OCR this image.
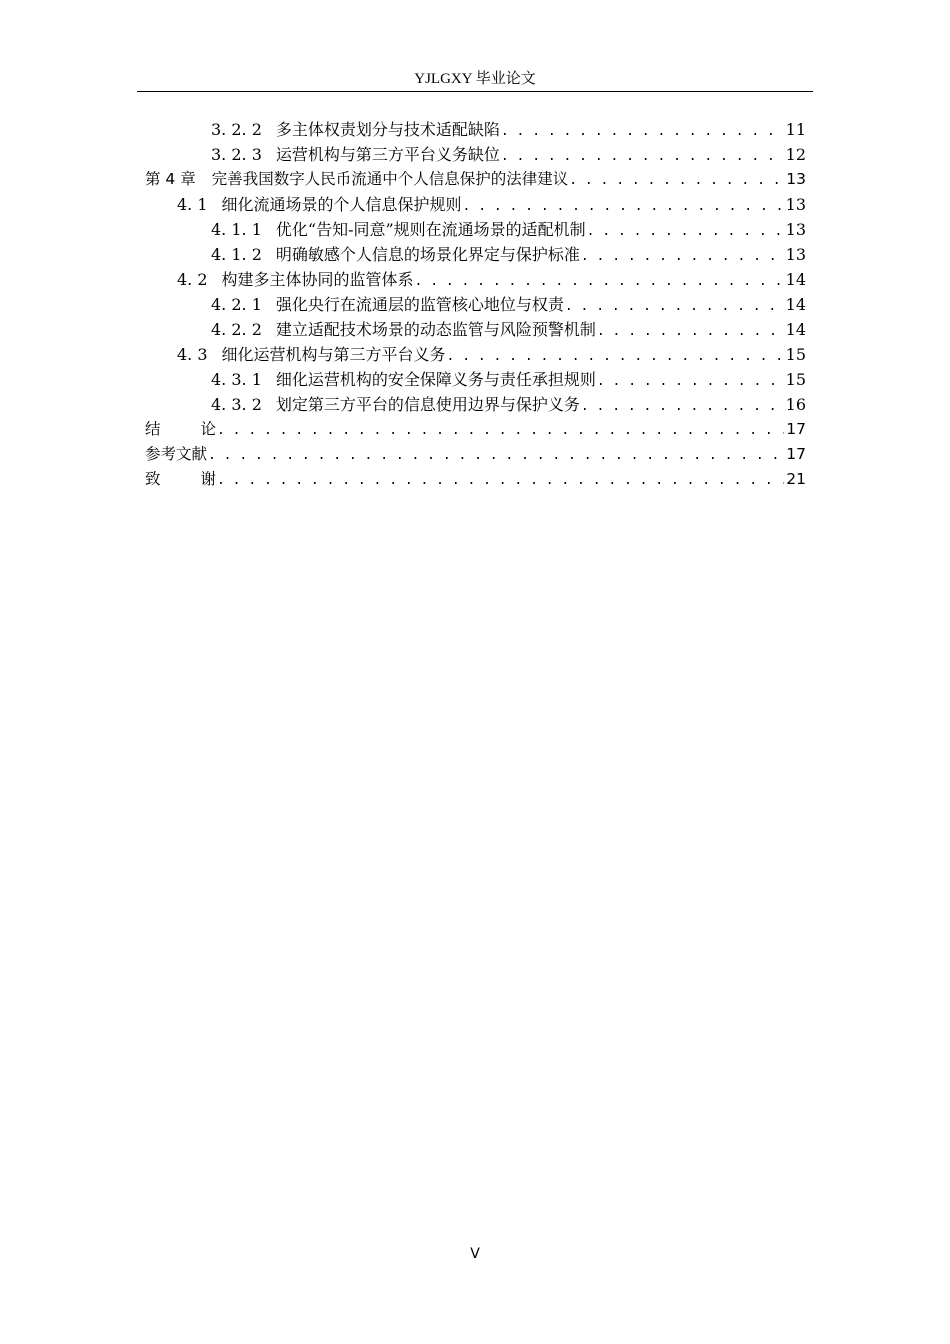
YJLGXY 毕业论文
3. 2. 2 多主体权责划分与技术适配缺陷 . . .	11
3. 2. 3 运营机构与第三方平台义务缺位 . . .	12
第 4 章 完善我国数字人民币流通中个人信息保护的法律建议 . . .	13
4. 1 细化流通场景的个人信息保护规则 . . .	13
4. 1. 1 优化“告知-同意”规则在流通场景的适配机制 . . .	13
4. 1. 2 明确敏感个人信息的场景化界定与保护标准 . . .	13
4. 2 构建多主体协同的监管体系 . . .	14
4. 2. 1 强化央行在流通层的监管核心地位与权责 . . .	14
4. 2. 2 建立适配技术场景的动态监管与风险预警机制 . . .	14
4. 3 细化运营机构与第三方平台义务 . . .	15
4. 3. 1 细化运营机构的安全保障义务与责任承担规则 . . .	15
4. 3. 2 划定第三方平台的信息使用边界与保护义务 . . .	16
结论 . . .	17
参考文献 . . .	17
致谢 . . .	21
V
